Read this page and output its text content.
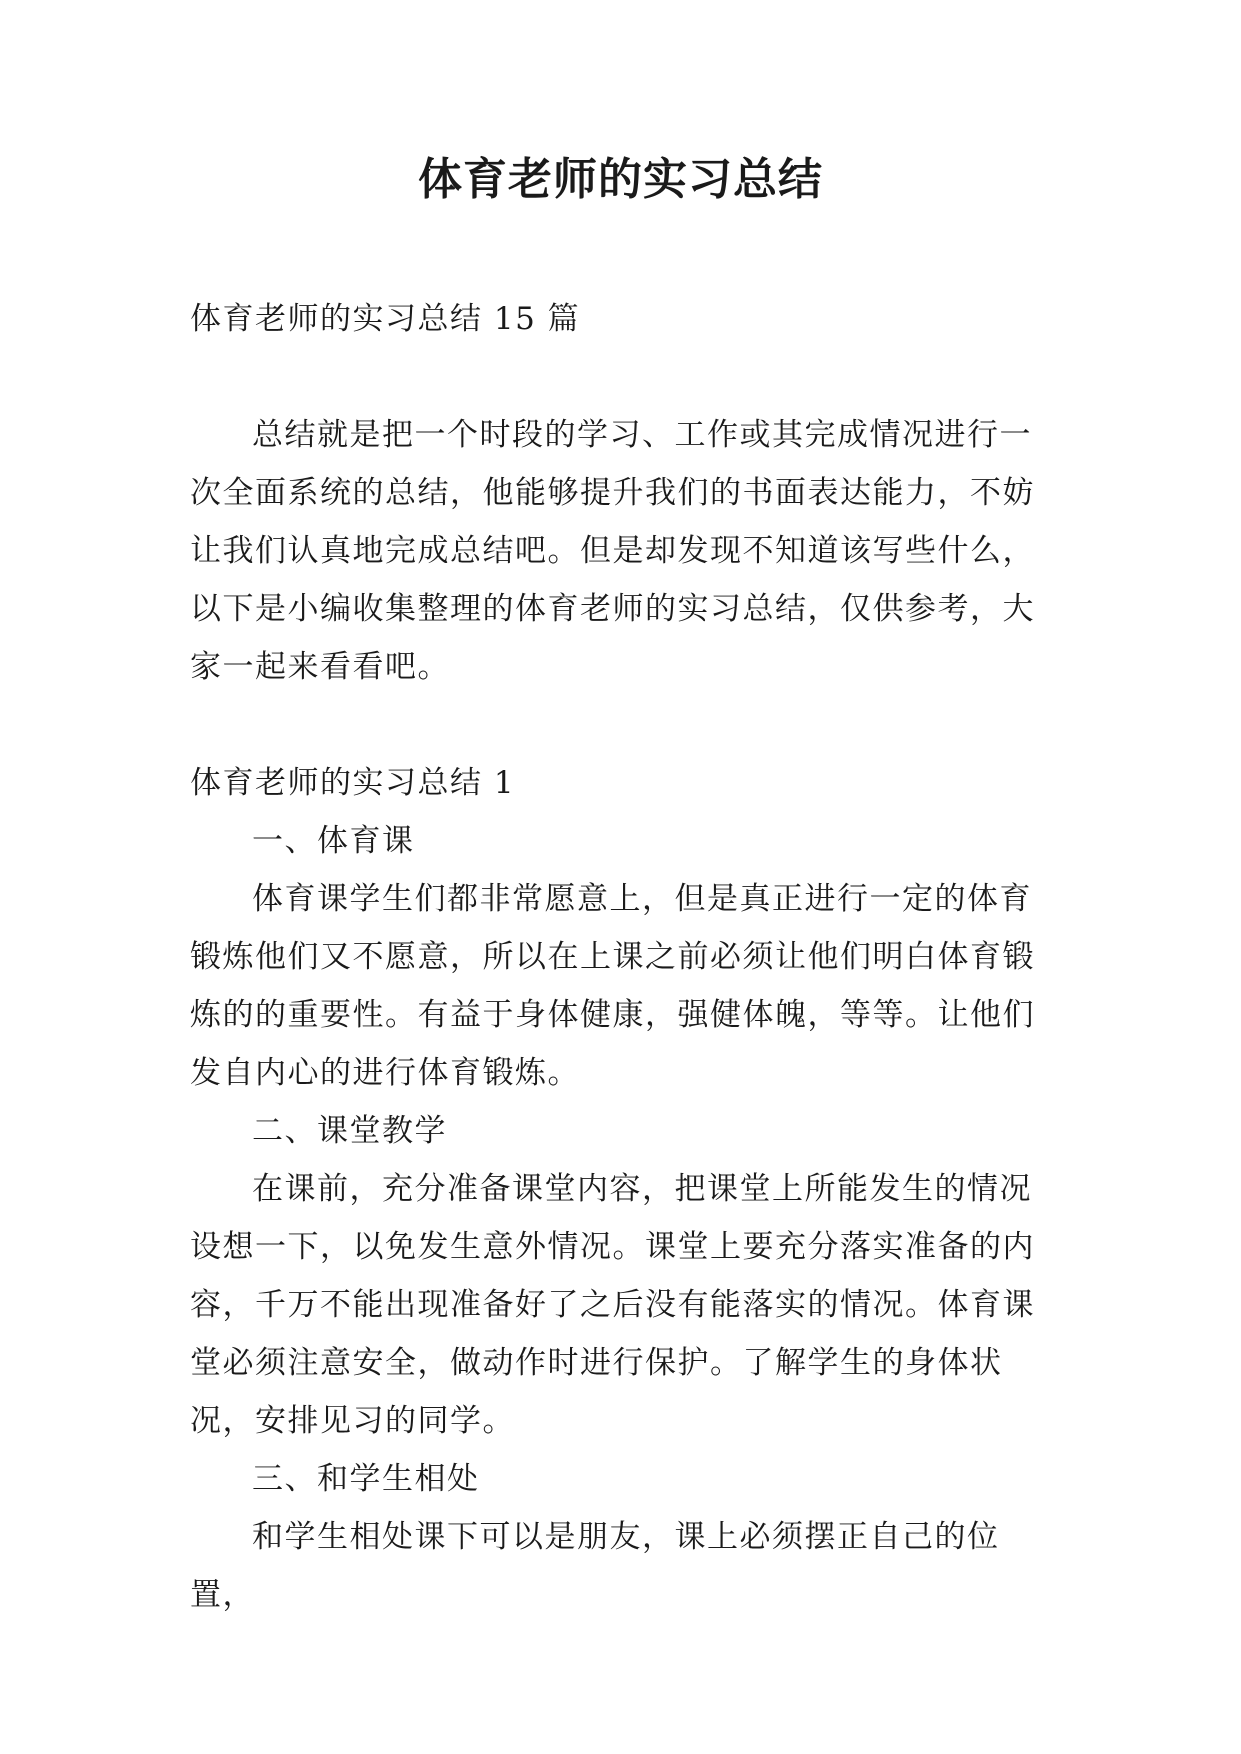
体育老师的实习总结

体育老师的实习总结 15 篇

总结就是把一个时段的学习、工作或其完成情况进行一次全面系统的总结，他能够提升我们的书面表达能力，不妨让我们认真地完成总结吧。但是却发现不知道该写些什么，以下是小编收集整理的体育老师的实习总结，仅供参考，大家一起来看看吧。

体育老师的实习总结 1

一、体育课

体育课学生们都非常愿意上，但是真正进行一定的体育锻炼他们又不愿意，所以在上课之前必须让他们明白体育锻炼的的重要性。有益于身体健康，强健体魄，等等。让他们发自内心的进行体育锻炼。

二、课堂教学

在课前，充分准备课堂内容，把课堂上所能发生的情况设想一下，以免发生意外情况。课堂上要充分落实准备的内容，千万不能出现准备好了之后没有能落实的情况。体育课堂必须注意安全，做动作时进行保护。了解学生的身体状况，安排见习的同学。

三、和学生相处

和学生相处课下可以是朋友，课上必须摆正自己的位置，
